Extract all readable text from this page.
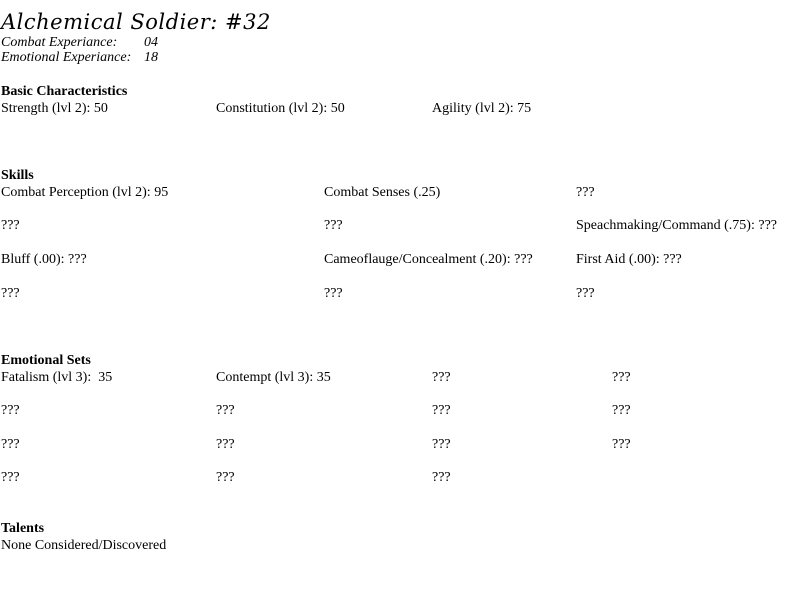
Alchemical Soldier: #32
Combat Experiance: 04
Emotional Experiance: 18
Basic Characteristics
Strength (lvl 2): 50	Constitution (lvl 2): 50	Agility (lvl 2): 75
Skills
Combat Perception (lvl 2): 95	Combat Senses (.25)	???
???	???	Speachmaking/Command (.75): ???
Bluff (.00): ???	Cameoflauge/Concealment (.20): ???	First Aid (.00): ???
???	???	???
Emotional Sets
Fatalism (lvl 3):  35	Contempt (lvl 3): 35	???	???
???	???	???	???
???	???	???	???
???	???	???
Talents
None Considered/Discovered
